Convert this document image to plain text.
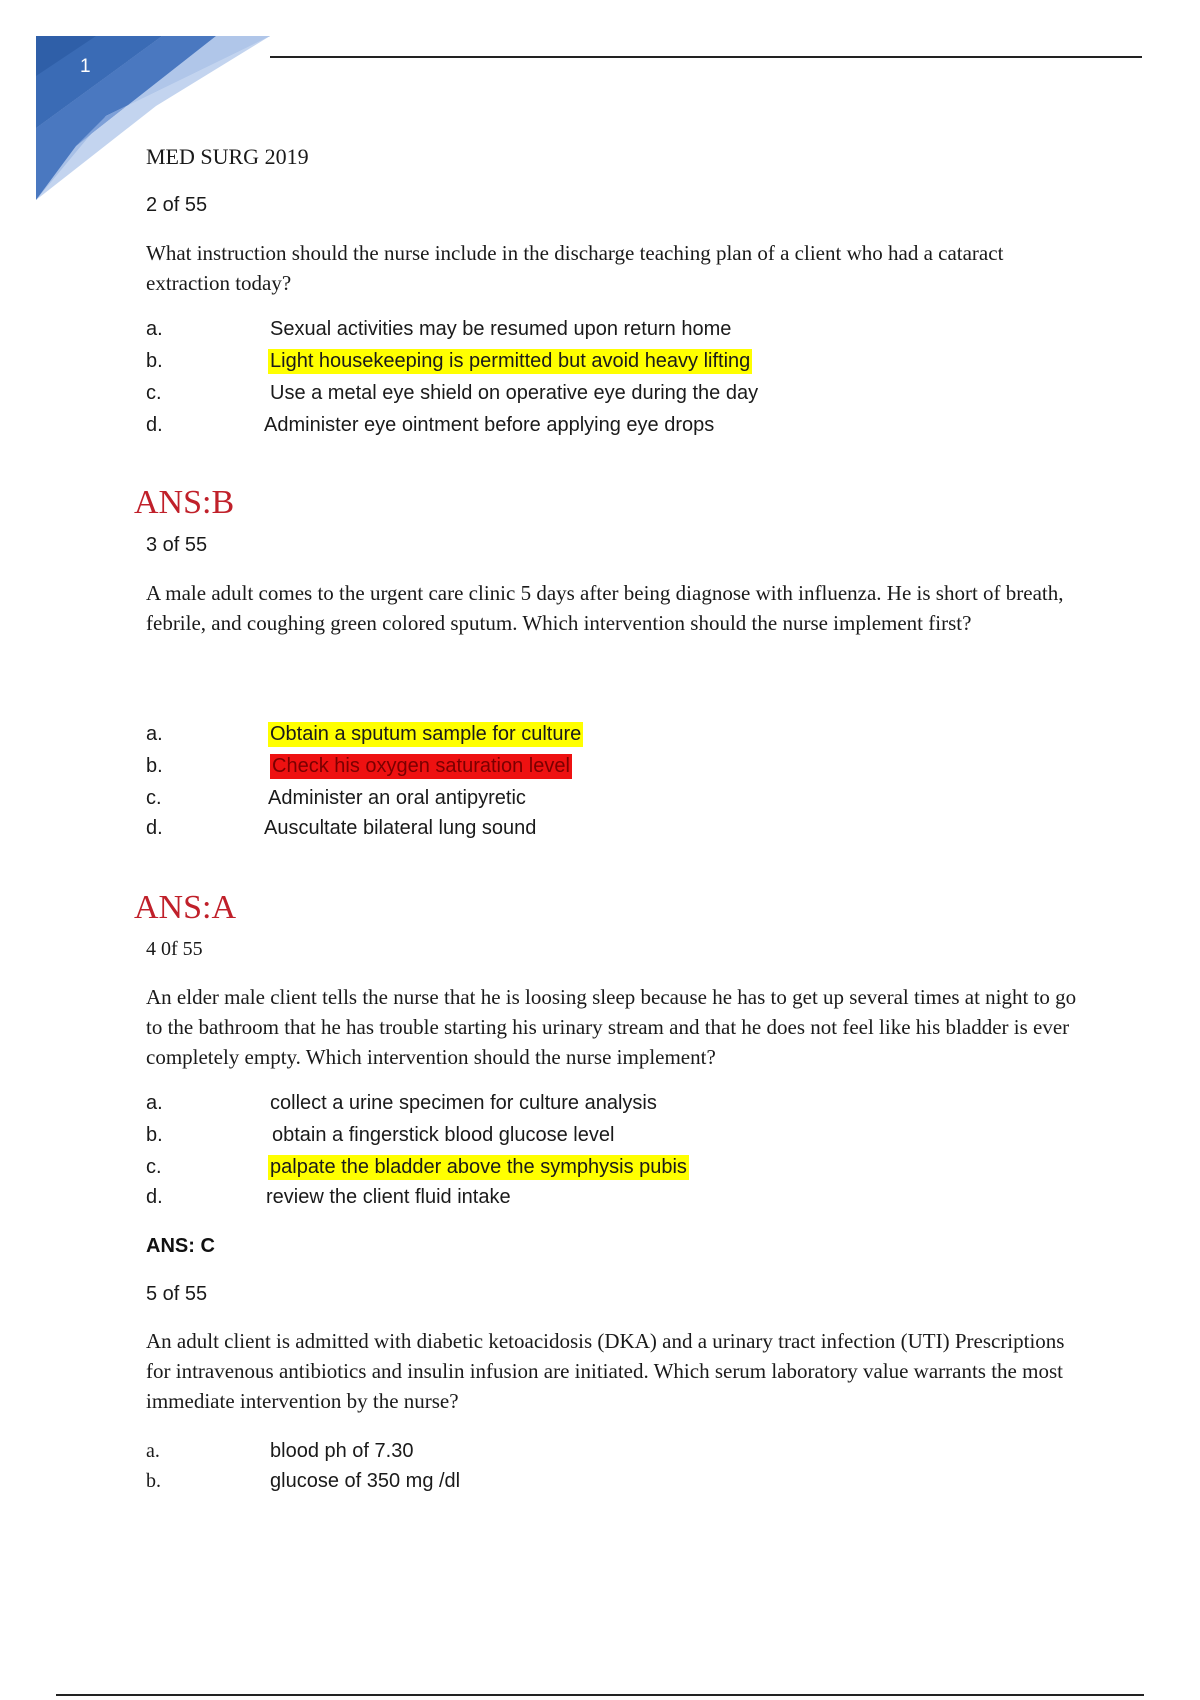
1
MED SURG 2019
2 of 55
What instruction should the nurse include in the discharge teaching plan of a client who had a cataract extraction today?
a.	Sexual activities may be resumed upon return home
b.	Light housekeeping is permitted but avoid heavy lifting
c.	Use a metal eye shield on operative eye during the day
d.	Administer eye ointment before applying eye drops
ANS:B
3 of 55
A male adult comes to the urgent care clinic 5 days after being diagnose with influenza. He is short of breath, febrile, and coughing green colored sputum. Which intervention should the nurse implement first?
a.	Obtain a sputum sample for culture
b.	Check his oxygen saturation level
c.	Administer an oral antipyretic
d.	Auscultate bilateral lung sound
ANS:A
4 0f 55
An elder male client tells the nurse that he is loosing sleep because he has to get up several times at night to go to the bathroom that he has trouble starting his urinary stream and that he does not feel like his bladder is ever completely empty. Which intervention should the nurse implement?
a.	collect a urine specimen for culture analysis
b.	obtain a fingerstick blood glucose level
c.	palpate the bladder above the symphysis pubis
d.	review the client fluid intake
ANS: C
5 of 55
An adult client is admitted with diabetic ketoacidosis (DKA) and a urinary tract infection (UTI) Prescriptions for intravenous antibiotics and insulin infusion are initiated. Which serum laboratory value warrants the most immediate intervention by the nurse?
a.	blood ph of 7.30
b.	glucose of 350 mg /dl
